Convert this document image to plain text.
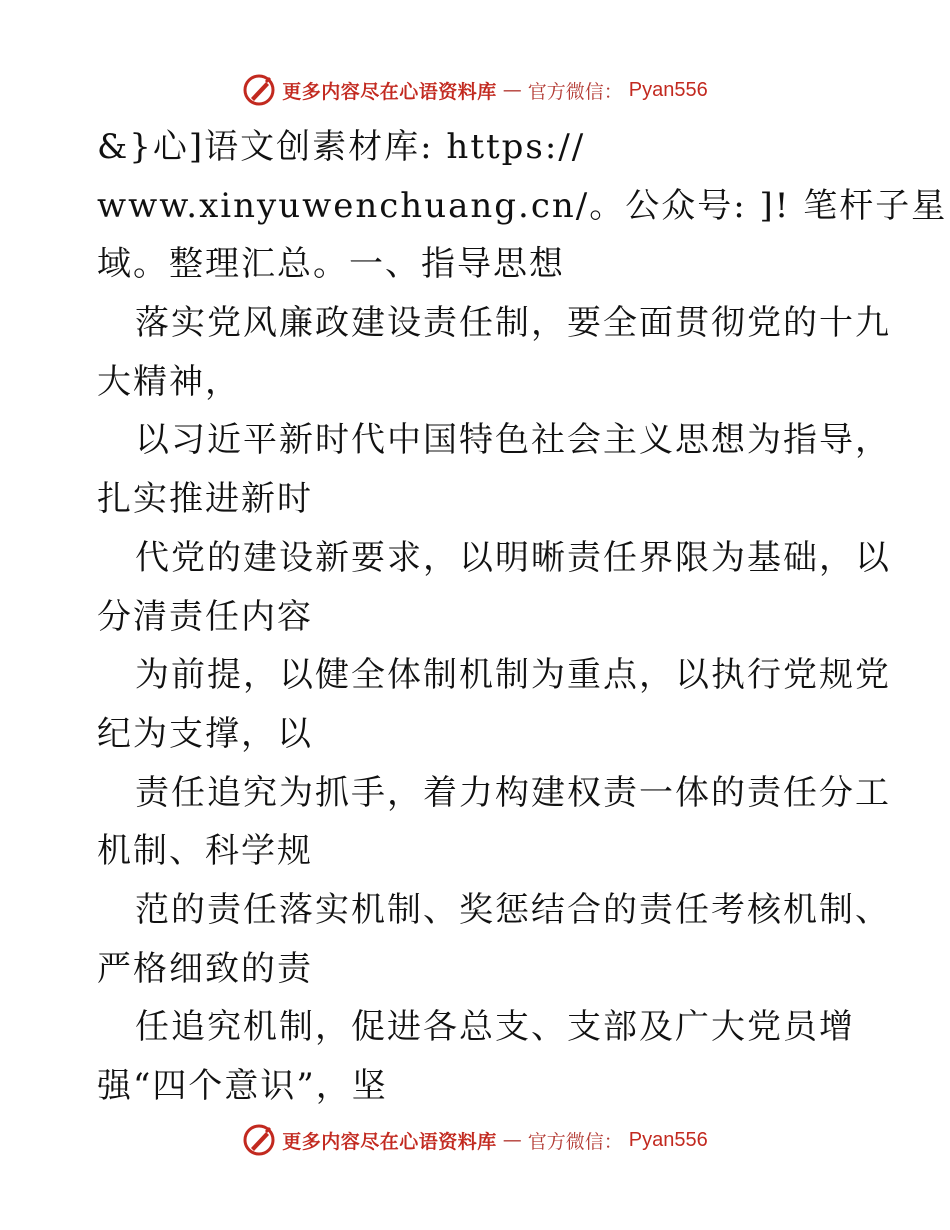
更多内容尽在心语资料库 — 官方微信： Pyan556
&}心]语文创素材库: https://
www.xinyuwenchuang.cn/。公众号: ]! 笔杆子星
域。整理汇总。一、指导思想
落实党风廉政建设责任制，要全面贯彻党的十九
大精神，
以习近平新时代中国特色社会主义思想为指导，
扎实推进新时
代党的建设新要求，以明晰责任界限为基础，以
分清责任内容
为前提，以健全体制机制为重点，以执行党规党
纪为支撑，以
责任追究为抓手，着力构建权责一体的责任分工
机制、科学规
范的责任落实机制、奖惩结合的责任考核机制、
严格细致的责
任追究机制，促进各总支、支部及广大党员增
强“四个意识”，坚
更多内容尽在心语资料库 — 官方微信： Pyan556
